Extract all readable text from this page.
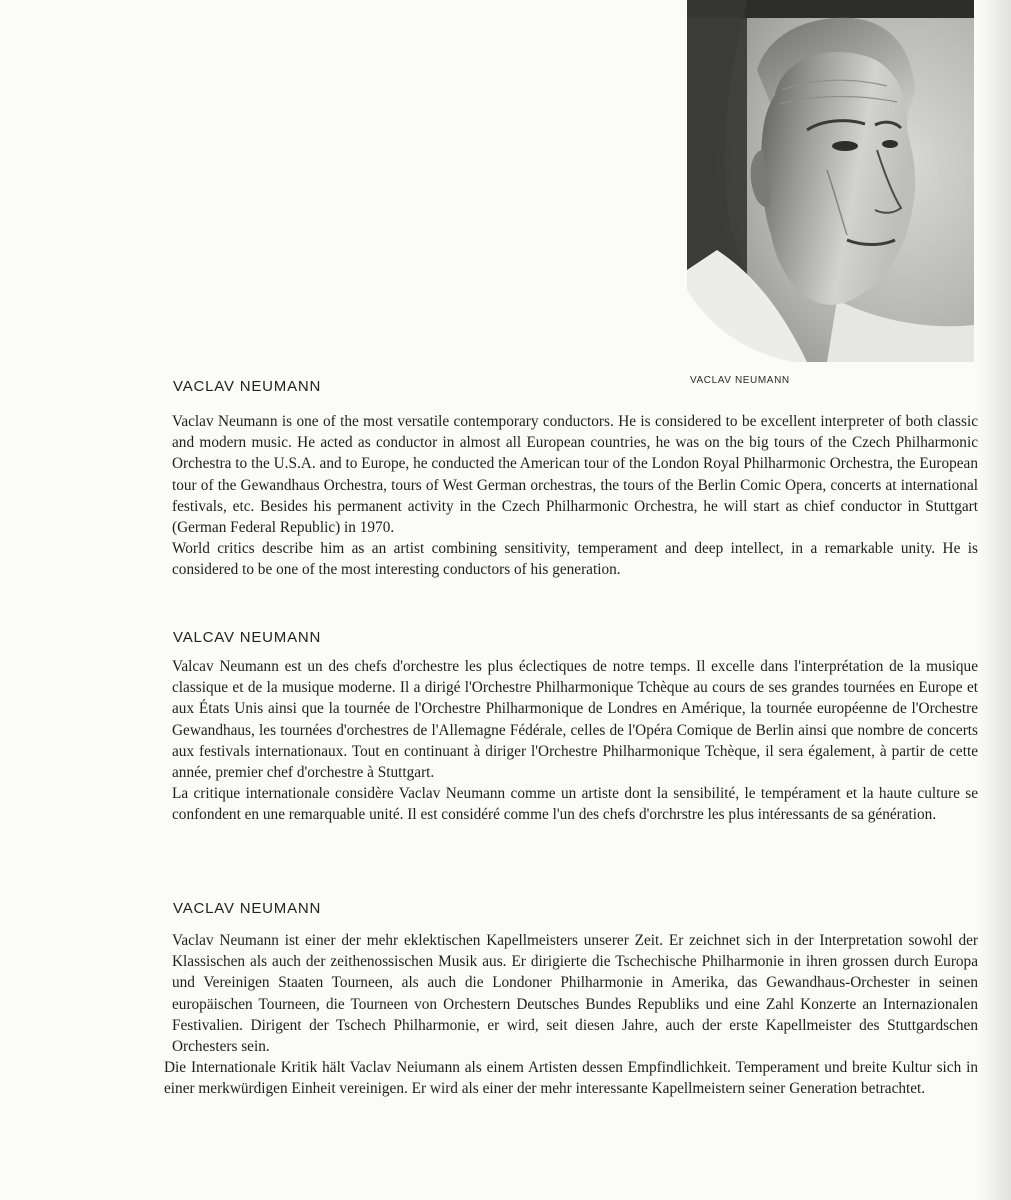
VACLAV NEUMANN
VACLAV NEUMANN

Vaclav Neumann is one of the most versatile contemporary conductors. He is considered to be excellent interpreter of both classic and modern music. He acted as conductor in almost all European countries, he was on the big tours of the Czech Philharmonic Orchestra to the U.S.A. and to Europe, he conducted the American tour of the London Royal Philharmonic Orchestra, the European tour of the Gewandhaus Orchestra, tours of West German orchestras, the tours of the Berlin Comic Opera, concerts at international festivals, etc. Besides his permanent activity in the Czech Philharmonic Orchestra, he will start as chief conductor in Stuttgart (German Federal Republic) in 1970.

World critics describe him as an artist combining sensitivity, temperament and deep intellect, in a remarkable unity. He is considered to be one of the most interesting conductors of his generation.

VALCAV NEUMANN

Valcav Neumann est un des chefs d'orchestre les plus éclectiques de notre temps. Il excelle dans l'interprétation de la musique classique et de la musique moderne. Il a dirigé l'Orchestre Philharmonique Tchèque au cours de ses grandes tournées en Europe et aux États Unis ainsi que la tournée de l'Orchestre Philharmonique de Londres en Amérique, la tournée européenne de l'Orchestre Gewandhaus, les tournées d'orchestres de l'Allemagne Fédérale, celles de l'Opéra Comique de Berlin ainsi que nombre de concerts aux festivals internationaux. Tout en continuant à diriger l'Orchestre Philharmonique Tchèque, il sera également, à partir de cette année, premier chef d'orchestre à Stuttgart.

La critique internationale considère Vaclav Neumann comme un artiste dont la sensibilité, le tempérament et la haute culture se confondent en une remarquable unité. Il est considéré comme l'un des chefs d'orchrstre les plus intéressants de sa génération.

VACLAV NEUMANN

Vaclav Neumann ist einer der mehr eklektischen Kapellmeisters unserer Zeit. Er zeichnet sich in der Interpretation sowohl der Klassischen als auch der zeithenossischen Musik aus. Er dirigierte die Tschechische Philharmonie in ihren grossen durch Europa und Vereinigen Staaten Tourneen, als auch die Londoner Philharmonie in Amerika, das Gewandhaus-Orchester in seinen europäischen Tourneen, die Tourneen von Orchestern Deutsches Bundes Republiks und eine Zahl Konzerte an Internazionalen Festivalien. Dirigent der Tschech Philharmonie, er wird, seit diesen Jahre, auch der erste Kapellmeister des Stuttgardschen Orchesters sein.

Die Internationale Kritik hält Vaclav Neiumann als einem Artisten dessen Empfindlichkeit. Temperament und breite Kultur sich in einer merkwürdigen Einheit vereinigen. Er wird als einer der mehr interessante Kapellmeistern seiner Generation betrachtet.
